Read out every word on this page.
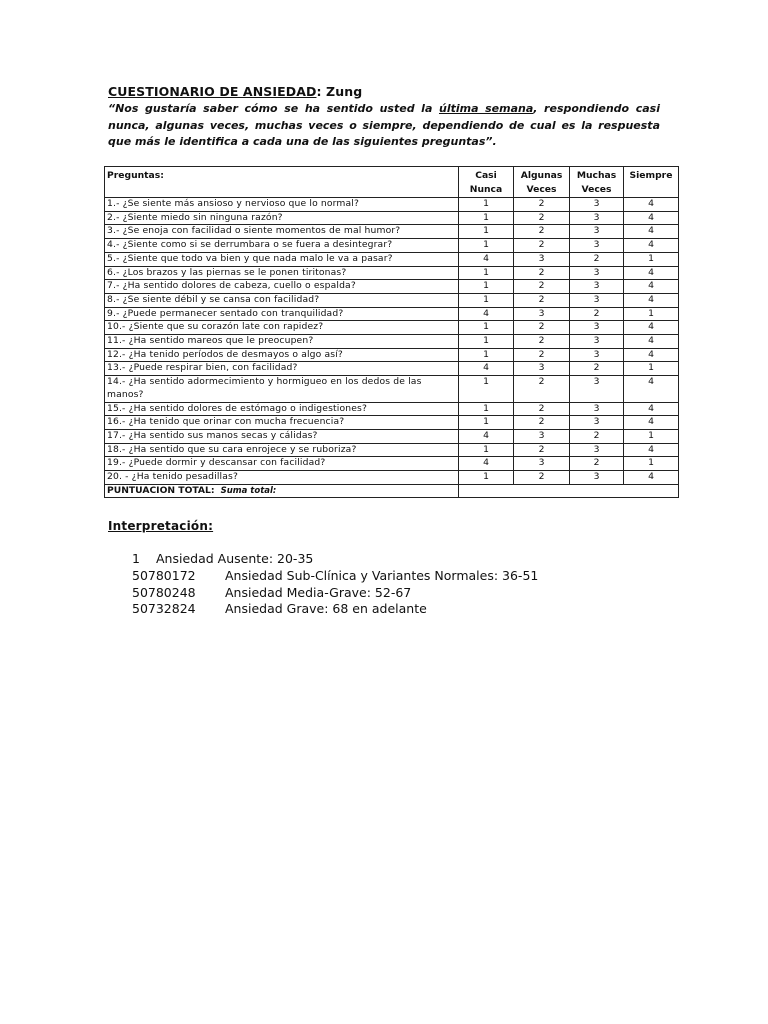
CUESTIONARIO DE ANSIEDAD: Zung
“Nos gustaría saber cómo se ha sentido usted la última semana, respondiendo casi nunca, algunas veces, muchas veces o siempre, dependiendo de cual es la respuesta que más le identifica a cada una de las siguientes preguntas”.
Preguntas:	Casi Nunca	Algunas Veces	Muchas Veces	Siempre
1.- ¿Se siente más ansioso y nervioso que lo normal?	1	2	3	4
2.- ¿Siente miedo sin ninguna razón?	1	2	3	4
3.- ¿Se enoja con facilidad o siente momentos de mal humor?	1	2	3	4
4.- ¿Siente como si se derrumbara o se fuera a desintegrar?	1	2	3	4
5.- ¿Siente que todo va bien y que nada malo le va a pasar?	4	3	2	1
6.- ¿Los brazos y las piernas se le ponen tiritonas?	1	2	3	4
7.- ¿Ha sentido dolores de cabeza, cuello o espalda?	1	2	3	4
8.- ¿Se siente débil y se cansa con facilidad?	1	2	3	4
9.- ¿Puede permanecer sentado con tranquilidad?	4	3	2	1
10.- ¿Siente que su corazón late con rapidez?	1	2	3	4
11.- ¿Ha sentido mareos que le preocupen?	1	2	3	4
12.- ¿Ha tenido períodos de desmayos o algo así?	1	2	3	4
13.- ¿Puede respirar bien, con facilidad?	4	3	2	1
14.- ¿Ha sentido adormecimiento y hormigueo en los dedos de las manos?	1	2	3	4
15.- ¿Ha sentido dolores de estómago o indigestiones?	1	2	3	4
16.- ¿Ha tenido que orinar con mucha frecuencia?	1	2	3	4
17.- ¿Ha sentido sus manos secas y cálidas?	4	3	2	1
18.- ¿Ha sentido que su cara enrojece y se ruboriza?	1	2	3	4
19.- ¿Puede dormir y descansar con facilidad?	4	3	2	1
20. - ¿Ha tenido pesadillas?	1	2	3	4
PUNTUACION TOTAL: Suma total:				
Interpretación:
1	Ansiedad Ausente: 20-35
50780172	Ansiedad Sub-Clínica y Variantes Normales: 36-51
50780248	Ansiedad Media-Grave: 52-67
50732824	Ansiedad Grave: 68 en adelante
